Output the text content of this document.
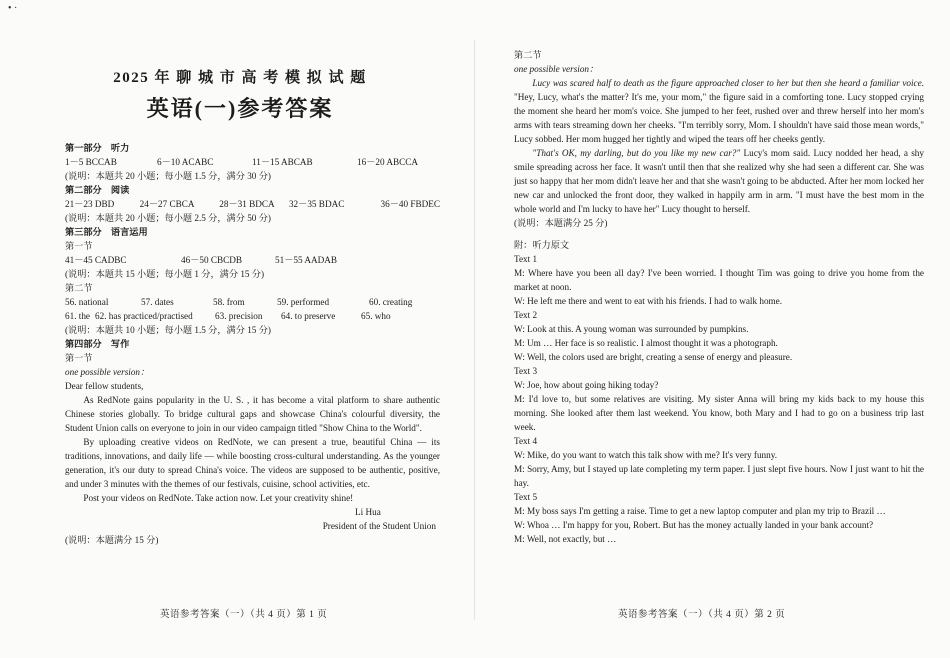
• ·
2025 年 聊 城 市 高 考 模 拟 试 题
英语(一)参考答案
第一部分　听力
1－5 BCCAB	6－10 ACABC	11－15 ABCAB	16－20 ABCCA
(说明：本题共 20 小题；每小题 1.5 分，满分 30 分)
第二部分　阅读
21－23 DBD	24－27 CBCA	28－31 BDCA	32－35 BDAC	36－40 FBDEC
(说明：本题共 20 小题；每小题 2.5 分，满分 50 分)
第三部分　语言运用
第一节
41－45 CADBC	46－50 CBCDB	51－55 AADAB
(说明：本题共 15 小题；每小题 1 分，满分 15 分)
第二节
56. national	57. dates	58. from	59. performed	60. creating
61. the 62. has practiced/practised	63. precision	64. to preserve	65. who
(说明：本题共 10 小题；每小题 1.5 分，满分 15 分)
第四部分　写作
第一节
one possible version：
Dear fellow students,
As RedNote gains popularity in the U. S. , it has become a vital platform to share authentic Chinese stories globally. To bridge cultural gaps and showcase China's colourful diversity, the Student Union calls on everyone to join in our video campaign titled "Show China to the World".
By uploading creative videos on RedNote, we can present a true, beautiful China — its traditions, innovations, and daily life — while boosting cross-cultural understanding. As the younger generation, it's our duty to spread China's voice. The videos are supposed to be authentic, positive, and under 3 minutes with the themes of our festivals, cuisine, school activities, etc.
Post your videos on RedNote. Take action now. Let your creativity shine!
Li Hua
President of the Student Union
(说明：本题满分 15 分)
英语参考答案（一）（共 4 页）第 1 页
第二节
one possible version：
Lucy was scared half to death as the figure approached closer to her but then she heard a familiar voice. "Hey, Lucy, what's the matter? It's me, your mom," the figure said in a comforting tone. Lucy stopped crying the moment she heard her mom's voice. She jumped to her feet, rushed over and threw herself into her mom's arms with tears streaming down her cheeks. "I'm terribly sorry, Mom. I shouldn't have said those mean words," Lucy sobbed. Her mom hugged her tightly and wiped the tears off her cheeks gently.
"That's OK, my darling, but do you like my new car?" Lucy's mom said. Lucy nodded her head, a shy smile spreading across her face. It wasn't until then that she realized why she had seen a different car. She was just so happy that her mom didn't leave her and that she wasn't going to be abducted. After her mom locked her new car and unlocked the front door, they walked in happily arm in arm. "I must have the best mom in the whole world and I'm lucky to have her" Lucy thought to herself.
(说明：本题满分 25 分)
附：听力原文
Text 1
M: Where have you been all day? I've been worried. I thought Tim was going to drive you home from the market at noon.
W: He left me there and went to eat with his friends. I had to walk home.
Text 2
W: Look at this. A young woman was surrounded by pumpkins.
M: Um … Her face is so realistic. I almost thought it was a photograph.
W: Well, the colors used are bright, creating a sense of energy and pleasure.
Text 3
W: Joe, how about going hiking today?
M: I'd love to, but some relatives are visiting. My sister Anna will bring my kids back to my house this morning. She looked after them last weekend. You know, both Mary and I had to go on a business trip last week.
Text 4
W: Mike, do you want to watch this talk show with me? It's very funny.
M: Sorry, Amy, but I stayed up late completing my term paper. I just slept five hours. Now I just want to hit the hay.
Text 5
M: My boss says I'm getting a raise. Time to get a new laptop computer and plan my trip to Brazil …
W: Whoa … I'm happy for you, Robert. But has the money actually landed in your bank account?
M: Well, not exactly, but …
英语参考答案（一）（共 4 页）第 2 页
